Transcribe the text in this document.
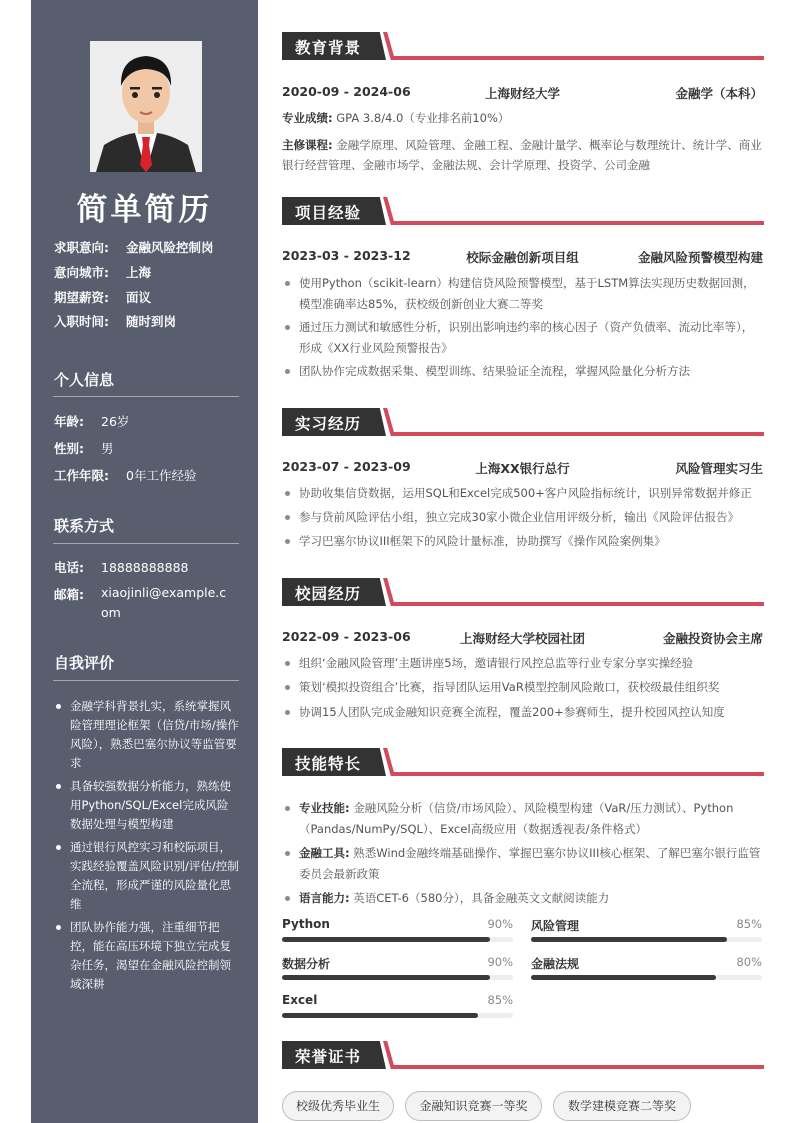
简单简历
求职意向: 金融风险控制岗
意向城市: 上海
期望薪资: 面议
入职时间: 随时到岗
个人信息
年龄: 26岁
性别: 男
工作年限: 0年工作经验
联系方式
电话: 18888888888
邮箱:	xiaojinli@example.com
自我评价
金融学科背景扎实，系统掌握风险管理理论框架（信贷/市场/操作风险），熟悉巴塞尔协议等监管要求
具备较强数据分析能力，熟练使用Python/SQL/Excel完成风险数据处理与模型构建
通过银行风控实习和校际项目，实践经验覆盖风险识别/评估/控制全流程，形成严谨的风险量化思维
团队协作能力强，注重细节把控，能在高压环境下独立完成复杂任务，渴望在金融风险控制领域深耕
教育背景
2020-09 - 2024-06	上海财经大学	金融学（本科）
专业成绩: GPA 3.8/4.0（专业排名前10%）
主修课程: 金融学原理、风险管理、金融工程、金融计量学、概率论与数理统计、统计学、商业银行经营管理、金融市场学、金融法规、会计学原理、投资学、公司金融
项目经验
2023-03 - 2023-12	校际金融创新项目组	金融风险预警模型构建
使用Python（scikit-learn）构建信贷风险预警模型，基于LSTM算法实现历史数据回测，模型准确率达85%，获校级创新创业大赛二等奖
通过压力测试和敏感性分析，识别出影响违约率的核心因子（资产负债率、流动比率等），形成《XX行业风险预警报告》
团队协作完成数据采集、模型训练、结果验证全流程，掌握风险量化分析方法
实习经历
2023-07 - 2023-09	上海XX银行总行	风险管理实习生
协助收集信贷数据，运用SQL和Excel完成500+客户风险指标统计，识别异常数据并修正
参与贷前风险评估小组，独立完成30家小微企业信用评级分析，输出《风险评估报告》
学习巴塞尔协议III框架下的风险计量标准，协助撰写《操作风险案例集》
校园经历
2022-09 - 2023-06	上海财经大学校园社团	金融投资协会主席
组织‘金融风险管理’主题讲座5场，邀请银行风控总监等行业专家分享实操经验
策划‘模拟投资组合’比赛，指导团队运用VaR模型控制风险敞口，获校级最佳组织奖
协调15人团队完成金融知识竞赛全流程，覆盖200+参赛师生，提升校园风控认知度
技能特长
专业技能: 金融风险分析（信贷/市场风险）、风险模型构建（VaR/压力测试）、Python（Pandas/NumPy/SQL）、Excel高级应用（数据透视表/条件格式）
金融工具: 熟悉Wind金融终端基础操作、掌握巴塞尔协议III核心框架、了解巴塞尔银行监管委员会最新政策
语言能力: 英语CET-6（580分），具备金融英文文献阅读能力
Python	90% 风险管理	85%
数据分析	90% 金融法规	80%
Excel	85%
荣誉证书
校级优秀毕业生	金融知识竞赛一等奖	数学建模竞赛二等奖
